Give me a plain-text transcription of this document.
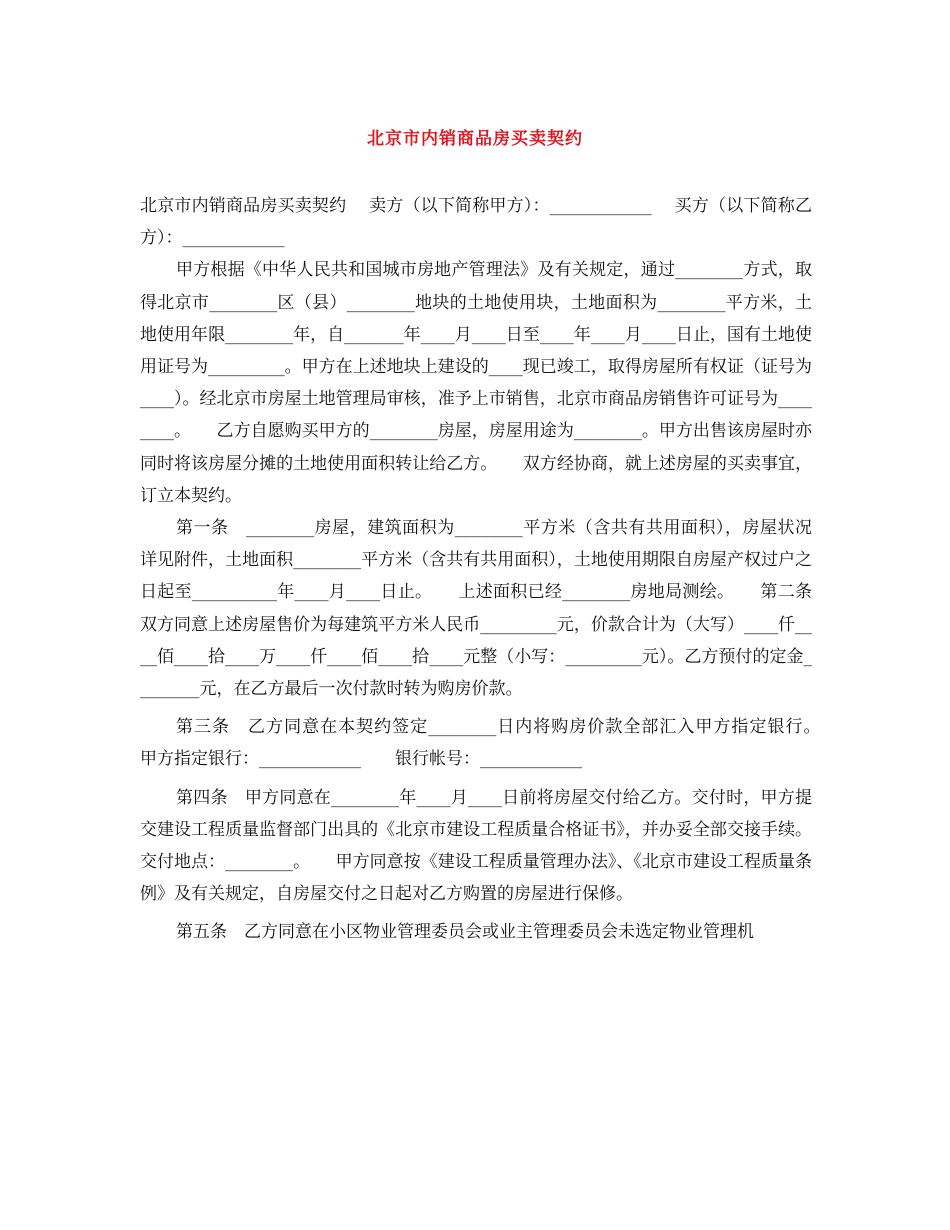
北京市内销商品房买卖契约

北京市内销商品房买卖契约　 卖方（以下简称甲方）：____________　 买方（以下简称乙方）：____________

甲方根据《中华人民共和国城市房地产管理法》及有关规定，通过________方式，取得北京市________区（县）________地块的土地使用块，土地面积为________平方米，土地使用年限________年，自_______年____月____日至____年____月____日止，国有土地使用证号为_________。甲方在上述地块上建设的____现已竣工，取得房屋所有权证（证号为____）。经北京市房屋土地管理局审核，准予上市销售，北京市商品房销售许可证号为________。　　乙方自愿购买甲方的________房屋，房屋用途为________。甲方出售该房屋时亦同时将该房屋分摊的土地使用面积转让给乙方。　　双方经协商，就上述房屋的买卖事宜，订立本契约。

第一条　________房屋，建筑面积为________平方米（含共有共用面积），房屋状况详见附件，土地面积________平方米（含共有共用面积），土地使用期限自房屋产权过户之日起至__________年____月____日止。　　上述面积已经________房地局测绘。　　第二条　双方同意上述房屋售价为每建筑平方米人民币_________元，价款合计为（大写）____仟____佰____拾____万____仟____佰____拾____元整（小写：_________元）。乙方预付的定金________元，在乙方最后一次付款时转为购房价款。

第三条　乙方同意在本契约签定________日内将购房价款全部汇入甲方指定银行。　　甲方指定银行：____________　　银行帐号：____________

第四条　甲方同意在________年____月____日前将房屋交付给乙方。交付时，甲方提交建设工程质量监督部门出具的《北京市建设工程质量合格证书》，并办妥全部交接手续。交付地点：________。　　甲方同意按《建设工程质量管理办法》、《北京市建设工程质量条例》及有关规定，自房屋交付之日起对乙方购置的房屋进行保修。

第五条　乙方同意在小区物业管理委员会或业主管理委员会未选定物业管理机
